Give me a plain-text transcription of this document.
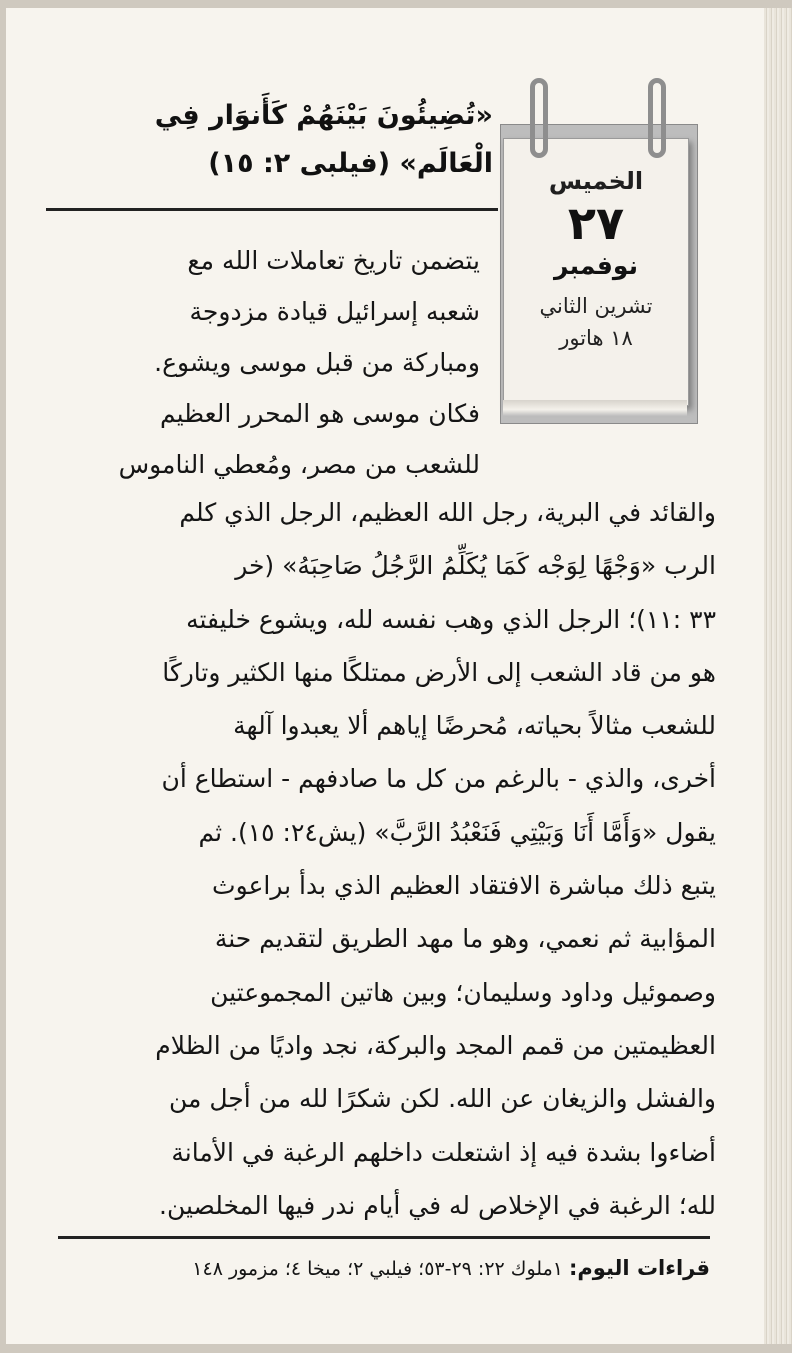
الخميس
٢٧
نوفمبر
تشرين الثاني
١٨ هاتور
«تُضِيئُونَ بَيْنَهُمْ كَأَنوَار فِي
الْعَالَم» (فيلبى ٢: ١٥)
يتضمن تاريخ تعاملات الله مع
شعبه إسرائيل قيادة مزدوجة
ومباركة من قبل موسى ويشوع.
فكان موسى هو المحرر العظيم
للشعب من مصر، ومُعطي الناموس
والقائد في البرية، رجل الله العظيم، الرجل الذي كلم
الرب «وَجْهًا لِوَجْه كَمَا يُكَلِّمُ الرَّجُلُ صَاحِبَهُ» (خر
٣٣ :١١)؛ الرجل الذي وهب نفسه لله، ويشوع خليفته
هو من قاد الشعب إلى الأرض ممتلكًا منها الكثير وتاركًا
للشعب مثالاً بحياته، مُحرضًا إياهم ألا يعبدوا آلهة
أخرى، والذي - بالرغم من كل ما صادفهم - استطاع أن
يقول «وَأَمَّا أَنَا وَبَيْتِي فَنَعْبُدُ الرَّبَّ» (يش٢٤: ١٥). ثم
يتبع ذلك مباشرة الافتقاد العظيم الذي بدأ براعوث
المؤابية ثم نعمي، وهو ما مهد الطريق لتقديم حنة
وصموئيل وداود وسليمان؛ وبين هاتين المجموعتين
العظيمتين من قمم المجد والبركة، نجد واديًا من الظلام
والفشل والزيغان عن الله. لكن شكرًا لله من أجل من
أضاءوا بشدة فيه إذ اشتعلت داخلهم الرغبة في الأمانة
لله؛ الرغبة في الإخلاص له في أيام ندر فيها المخلصين.
قراءات اليوم: ١ملوك ٢٢: ٢٩-٥٣؛ فيلبي ٢؛ ميخا ٤؛ مزمور ١٤٨
